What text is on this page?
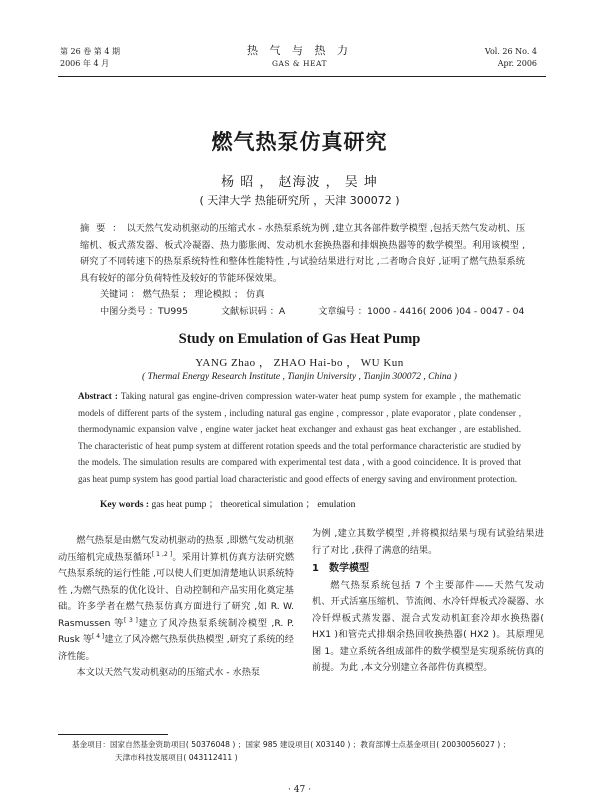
第 26 卷 第 4 期
2006 年 4 月
热 气 与 热 力
GAS & HEAT
Vol. 26 No. 4
Apr. 2006
燃气热泵仿真研究
杨 昭 ， 赵海波 ， 吴 坤
( 天津大学 热能研究所 ，天津 300072 )
摘 要 ： 以天然气发动机驱动的压缩式水 - 水热泵系统为例 ,建立其各部件数学模型 ,包括天然气发动机、压缩机、板式蒸发器、板式冷凝器、热力膨胀阀、发动机水套换热器和排烟换热器等的数学模型。利用该模型 ,研究了不同转速下的热泵系统特性和整体性能特性 ,与试验结果进行对比 ,二者吻合良好 ,证明了燃气热泵系统具有较好的部分负荷特性及较好的节能环保效果。
关键词 ： 燃气热泵 ； 理论模拟 ； 仿真
中图分类号 ：TU995	文献标识码 ：A	文章编号 ：1000 - 4416( 2006 )04 - 0047 - 04
Study on Emulation of Gas Heat Pump
YANG Zhao ， ZHAO Hai-bo ， WU Kun
( Thermal Energy Research Institute , Tianjin University , Tianjin 300072 , China )
Abstract : Taking natural gas engine-driven compression water-water heat pump system for example , the mathematic models of different parts of the system , including natural gas engine , compressor , plate evaporator , plate condenser , thermodynamic expansion valve , engine water jacket heat exchanger and exhaust gas heat exchanger , are established. The characteristic of heat pump system at different rotation speeds and the total performance characteristic are studied by the models. The simulation results are compared with experimental test data , with a good coincidence. It is proved that gas heat pump system has good partial load characteristic and good effects of energy saving and environment protection.
Key words : gas heat pump ； theoretical simulation ； emulation

燃气热泵是由燃气发动机驱动的热泵 ,即燃气发动机驱动压缩机完成热泵循环[ 1 ,2 ]。采用计算机仿真方法研究燃气热泵系统的运行性能 ,可以使人们更加清楚地认识系统特性 ,为燃气热泵的优化设计、自动控制和产品实用化奠定基础。许多学者在燃气热泵仿真方面进行了研究 ,如 R. W. Rasmussen 等[ 3 ]建立了风冷热泵系统制冷模型 ,R. P. Rusk 等[ 4 ]建立了风冷燃气热泵供热模型 ,研究了系统的经济性能。

本文以天然气发动机驱动的压缩式水 - 水热泵

为例 ,建立其数学模型 ,并将模拟结果与现有试验结果进行了对比 ,获得了满意的结果。

1 数学模型

燃气热泵系统包括 7 个主要部件——天然气发动机、开式活塞压缩机、节流阀、水冷钎焊板式冷凝器、水冷钎焊板式蒸发器、混合式发动机缸套冷却水换热器( HX1 )和管壳式排烟余热回收换热器( HX2 )。其原理见图 1。建立系统各组成部件的数学模型是实现系统仿真的前提。为此 ,本文分别建立各部件仿真模型。

基金项目：国家自然基金资助项目( 50376048 ) ；国家 985 建设项目( X03140 ) ；教育部博士点基金项目( 20030056027 ) ；
天津市科技发展项目( 043112411 )
· 47 ·
